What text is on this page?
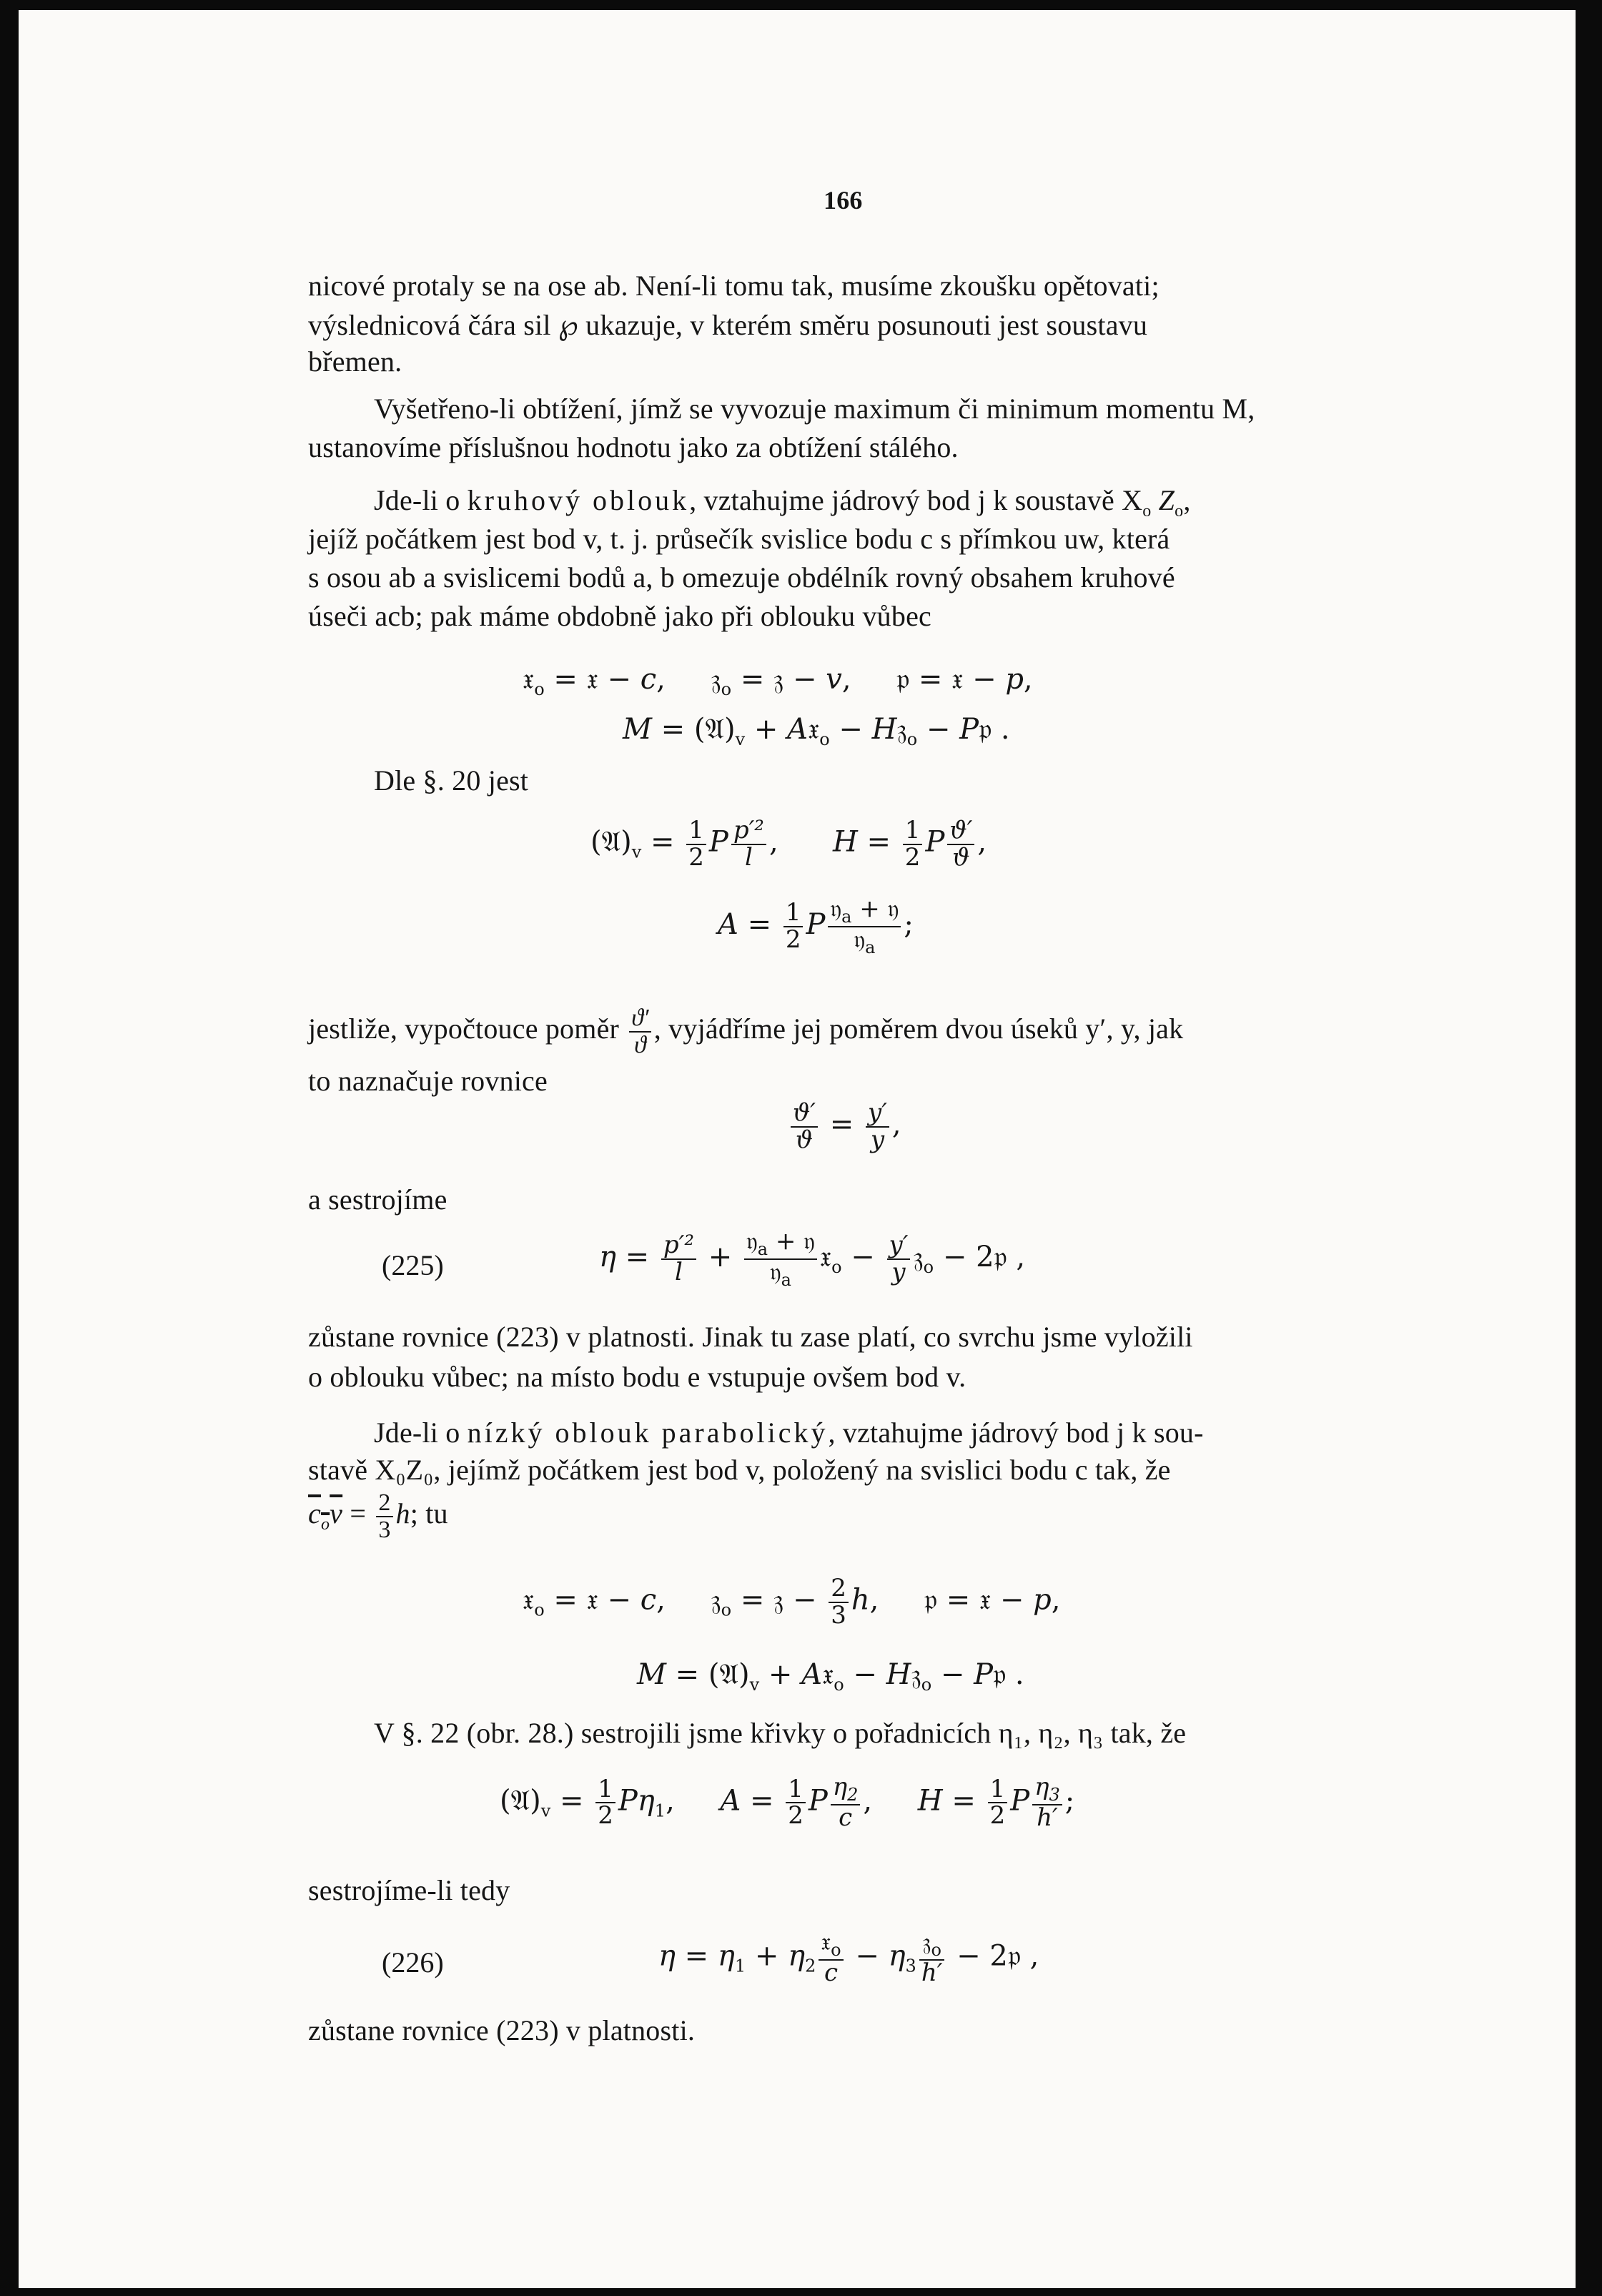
166
nicové protaly se na ose ab. Není-li tomu tak, musíme zkoušku opětovati;
výslednicová čára sil ℘ ukazuje, v kterém směru posunouti jest soustavu
břemen.
Vyšetřeno-li obtížení, jímž se vyvozuje maximum či minimum momentu M,
ustanovíme příslušnou hodnotu jako za obtížení stálého.
Jde-li o kruhový oblouk, vztahujme jádrový bod j k soustavě $X_o$ $Z_o$,
jejíž počátkem jest bod v, t. j. průsečík svislice bodu c s přímkou uw, která
s osou ab a svislicemi bodů a, b omezuje obdélník rovný obsahem kruhové
úseči acb; pak máme obdobně jako při oblouku vůbec
𝔵$_o$ = 𝔵 − c,     𝔷$_o$ = 𝔷 − v,     𝔭 = 𝔵 − p,
$M = (𝔄)_v$ + A𝔵$_o$ − H𝔷$_o$ − P𝔭 .
Dle §. 20 jest
$(𝔄)_v = \frac{1}{2}$ P $\frac{\text{p′²}}{l}$ ,      $H = \frac{1}{2}$ P $\frac{ϑ'}{ϑ}$ ,
$A = \frac{1}{2}$ P $\frac{𝔶_a + 𝔶}{𝔶_a}$ ;
jestliže, vypočtouce poměr $\frac{ϑ'}{ϑ}$ , vyjádříme jej poměrem dvou úseků y′, y, jak
to naznačuje rovnice
$\frac{ϑ'}{ϑ} = \frac{y'}{y}$ ,
a sestrojíme
(225)	$\eta = \frac{\text{p′²}}{l} + \frac{𝔶_a + 𝔶}{𝔶_a}$ 𝔵$_o$ − $\frac{y'}{y}$ 𝔷$_o$ − 2𝔭 ,
zůstane rovnice (223) v platnosti. Jinak tu zase platí, co svrchu jsme vyložili
o oblouku vůbec; na místo bodu e vstupuje ovšem bod v.
Jde-li o nízký oblouk parabolický, vztahujme jádrový bod j k sou-
stavě X₀Z₀, jejímž počátkem jest bod v, položený na svislici bodu c tak, že
$c_ov = \frac{2}{3} h$; tu
𝔵$_o$ = 𝔵 − c,     𝔷$_o$ = 𝔷 − $\frac{2}{3} h$,     𝔭 = 𝔵 − p,
$M = (𝔄)_v$ + A𝔵$_o$ − H𝔷$_o$ − P𝔭 .
V §. 22 (obr. 28.) sestrojili jsme křivky o pořadnicích η₁, η₂, η₃ tak, že
$(𝔄)_v = \frac{1}{2} P\eta_1$,     $A = \frac{1}{2}$ P $\frac{\eta_2}{c}$ ,     $H = \frac{1}{2}$ P $\frac{\eta_3}{h'}$ ;
sestrojíme-li tedy
(226)	$\eta = \eta_1 + \eta_2 \frac{𝔵_o}{c} - \eta_3 \frac{𝔷_o}{h'}$ − 2𝔭 ,
zůstane rovnice (223) v platnosti.
